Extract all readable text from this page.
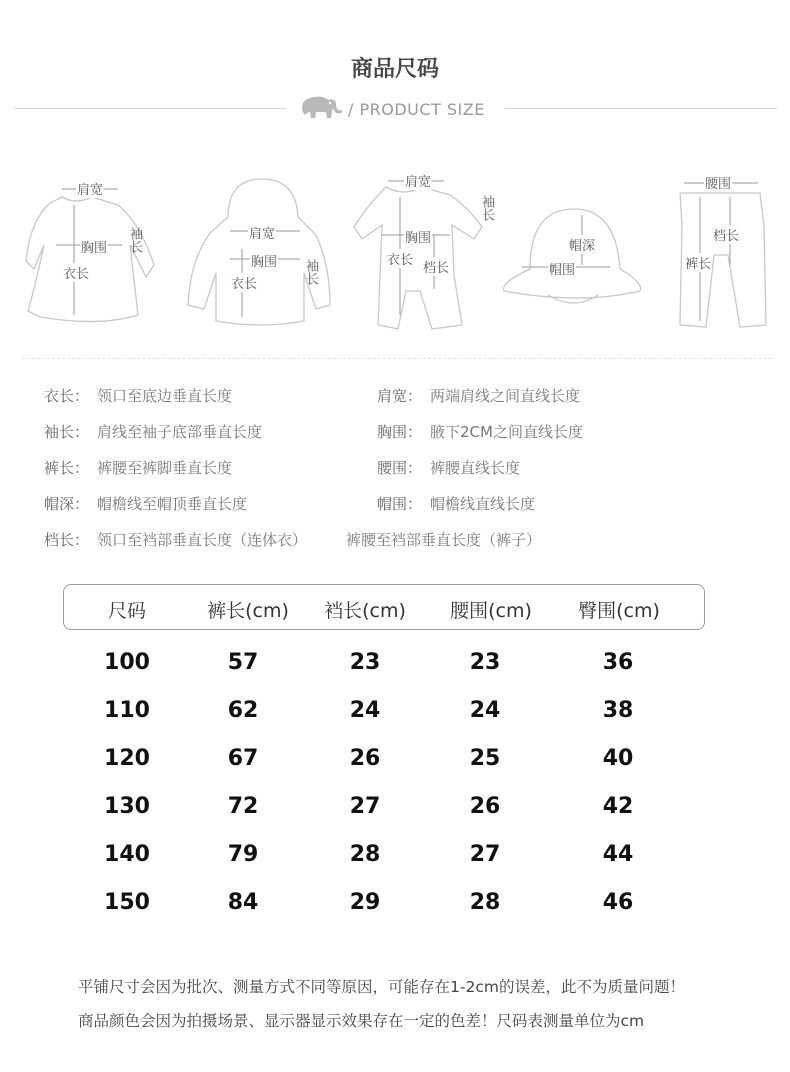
商品尺码
/ PRODUCT SIZE
肩宽
胸围 袖长
衣长
肩宽
胸围 袖长
衣长
肩宽
胸围
袖长
衣长
档长
帽深
帽围
腰围
档长
裤长
衣长： 领口至底边垂直长度
袖长： 肩线至袖子底部垂直长度
裤长： 裤腰至裤脚垂直长度
帽深： 帽檐线至帽顶垂直长度
档长： 领口至裆部垂直长度（连体衣）
肩宽： 两端肩线之间直线长度
胸围： 腋下2CM之间直线长度
腰围： 裤腰直线长度
帽围： 帽檐线直线长度
裤腰至裆部垂直长度（裤子）
尺码	裤长(cm) 裆长(cm) 腰围(cm) 臀围(cm)
100	57	23	23	36
110	62	24	24	38
120	67	26	25	40
130	72	27	26	42
140	79	28	27	44
150	84	29	28	46
平铺尺寸会因为批次、测量方式不同等原因，可能存在1-2cm的误差，此不为质量问题！
商品颜色会因为拍摄场景、显示器显示效果存在一定的色差！尺码表测量单位为cm
